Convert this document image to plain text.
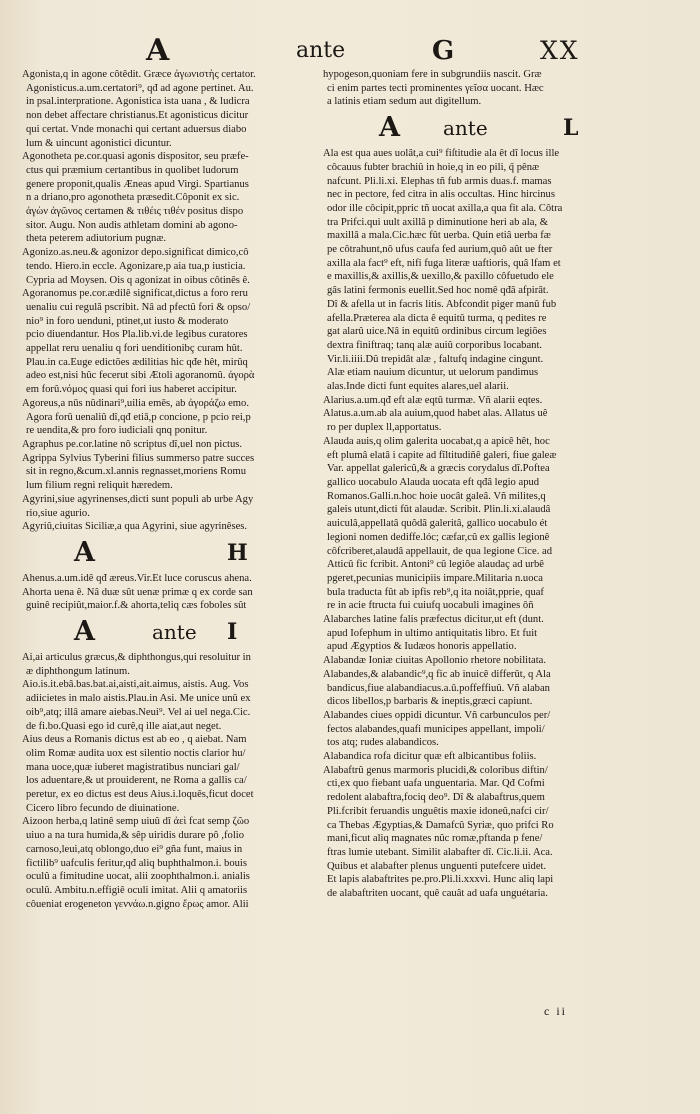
A	ante	G	XX
Agonista,q in agone côtêdit. Græce ἀγωνιστὴς certator.
Agonisticus.a.um.certatori⁹, qđ ad agone pertinet. Au.
in psal.interpratione. Agonistica ista uana , & ludicra
non debet affectare christianus.Et agonisticus dicitur
qui certat. Vnde monachi qui certant aduersus diabo
lum & uincunt agonistici dicuntur.
Agonotheta pe.cor.quasi agonis dispositor, seu præfe-
ctus qui præmium certantibus in quolibet ludorum
genere proponit,qualis Æneas apud Virgi. Spartianus
n a driano,pro agonotheta præsedit.Côponit ex sic.
ἀγὼν ἀγῶνος certamen & τιθέις τιθέν positus dispo
sitor. Augu. Non audis athletam domini ab agono-
theta peterem adiutorium pugnæ.
Agonizo.as.neu.& agonizor depo.significat dimico,cô
tendo. Hiero.in eccle. Agonizare,p aia tua,p iusticia.
Cypria ad Moysen. Ois q agonizat in oibus côtinês ê.
Agoranomus pe.cor.ædilê significat,dictus a foro reru
uenaliu cui regulă pscribit. Nâ ad pfectû fori & opso/
nio⁹ in foro uenduni, ptinet,ut iusto & moderato
pcio diuendantur. Hos Pla.lib.vi.de legibus curatores
appellat reru uenaliu q fori uenditionibç curam hût.
Plau.in ca.Euge edictões ædilitias hic qđe hêt, mirûq
adeo est,nisi hûc fecerut sibi Ætoli agoranomû. ἀγορὰ
em forû.νόμος quasi qui fori ius haberet accipitur.
Agoreus,a nūs nûdinari⁹,uilia emēs, ab ἀγοράζω emo.
Agora forû uenaliû dî,qđ etiā,p concione, p pcio rei,p
re uendita,& pro foro iudiciali qnq ponitur.
Agraphus pe.cor.latine nô scriptus dî,uel non pictus.
Agrippa Sylvius Tyberini filius summerso patre succes
sit in regno,&cum.xl.annis regnasset,moriens Romu
lum filium regni reliquit hæredem.
Agyrini,siue agyrinenses,dicti sunt populi ab urbe Agy
rio,siue agurio.
Agyriû,ciuitas Siciliæ,a qua Agyrini, siue agyrinêses.
A	H
Ahenus.a.um.idê qđ æreus.Vir.Et luce coruscus ahena.
Ahorta uena ê. Nâ duæ sût uenæ primæ q ex corde san
guinê recipiût,maior.f.& ahorta,teliq cæs foboles sût
A	ante I
Ai,ai articulus græcus,& diphthongus,qui resoluitur in
æ diphthongum latinum.
Aio.is.it.ebâ.bas.bat.ai,aisti,ait.aimus, aistis. Aug. Vos
adiicietes in malo aistis.Plau.in Asi. Me unice unû ex
oib⁹,atq; illâ amare aiebas.Neui⁹. Vel ai uel nega.Cic.
de fi.bo.Quasi ego id curê,q ille aiat,aut neget.
Aius deus a Romanis dictus est ab eo , q aiebat. Nam
olim Romæ audita uox est silentio noctis clarior hu/
mana uoce,quæ iuberet magistratibus nunciari gal/
los aduentare,& ut prouiderent, ne Roma a gallis ca/
peretur, ex eo dictus est deus Aius.i.loquês,ficut docet
Cicero libro fecundo de diuinatione.
Aizoon herba,q latinê semp uiuû dî ἀεὶ fcat semp ζῶο
uiuo a na tura humida,& sêp uiridis durare pô ,folio
carnoso,leui,atq oblongo,duo ei⁹ gña funt, maius in
fictilib⁹ uafculis feritur,qđ aliq buphthalmon.i. bouis
oculû a fimitudine uocat, alii zoophthalmon.i. anialis
oculû. Ambitu.n.effigiê oculi imitat. Alii q amatoriis
côueniat erogeneton γεννάω.n.gigno ἔρως amor. Alii
hypogeson,quoniam fere in subgrundiis nascit. Græ
ci enim partes tecti prominentes γεῖσα uocant. Hæc
a latinis etiam sedum aut digitellum.
A ante	L
Ala est qua aues uolât,a cui⁹ fiſtitudie ala êt dî locus ille
côcauus fubter brachiû in hoie,q in eo pili, q̃ pênæ
nafcunt. Pli.li.xi. Elephas tñ fub armis duas.f. mamas
nec in pectore, fed citra in alis occultas. Hinc hircinus
odor ille côcipit,ppric tñ uocat axilla,a qua fit ala. Côtra
tra Prifci.qui uult axillâ p diminutione heri ab ala, &
maxillâ a mala.Cic.hæc fût uerba. Quin etiâ uerba fæ
pe côtrahunt,nô ufus caufa fed aurium,quô aût ue fter
axilla ala fact⁹ eft, nifi fuga literæ uaftioris, quâ lfam et
e maxillis,& axillis,& uexillo,& paxillo côfuetudo ele
gâs latini fermonis euellit.Sed hoc nomê qđâ afpirât.
Dî & afella ut in facris litis. Abfcondit piger manû fub
afella.Præterea ala dicta ê equitû turma, q pedites re
gat alarû uice.Nâ in equitû ordinibus circum legiões
dextra finiftraq; tanq alæ auiû corporibus locabant.
Vir.li.iiii.Dû trepidât alæ , faltufq indagine cingunt.
Alæ etiam nauium dicuntur, ut uelorum pandimus
alas.Inde dicti funt equites alares,uel alarii.
Alarius.a.um.qđ eft alæ eqtû turmæ. Vñ alarii eqtes.
Alatus.a.um.ab ala auium,quod habet alas. Allatus uê
ro per duplex ll,apportatus.
Alauda auis,q olim galerita uocabat,q a apicê hêt, hoc
eft plumâ elatâ i capite ad fîltitudiñê galeri, fiue galeæ
Var. appellat galericû,& a græcis corydalus dî.Poftea
gallico uocabulo Alauda uocata eft qđâ legio apud
Romanos.Galli.n.hoc hoie uocât galeâ. Vñ milites,q
galeis utunt,dicti fût alaudæ. Scribit. Plin.li.xi.alaudâ
auiculâ,appellatâ quôdâ galeritâ, gallico uocabulo ét
legioni nomen dediffe.lóc; cæfar,cû ex gallis legionê
côfcriberet,alaudâ appellauit, de qua legione Cice. ad
Atticû fic fcribit. Antoni⁹ cû legiôe alaudaç ad urbê
pgeret,pecunias municipiis impare.Militaria n.uoca
bula traducta fût ab ipfis reb⁹,q ita noiât,pprie, quaf
re in acie ftructa fui cuiufq uocabuli imagines ôñ
Alabarches latine falis præfectus dicitur,ut eft (dunt.
apud Iofephum in ultimo antiquitatis libro. Et fuit
apud Ægyptios & Iudæos honoris appellatio.
Alabandæ Ioniæ ciuitas Apollonio rhetore nobilitata.
Alabandes,& alabandic⁹,q fic ab inuicê differût, q Ala
bandicus,fiue alabandiacus.a.û.poffeffiuû. Vñ alaban
dicos libellos,p barbaris & ineptis,græci capiunt.
Alabandes ciues oppidi dicuntur. Vñ carbunculos per/
fectos alabandes,quafi municipes appellant, impoli/
tos atq; rudes alabandicos.
Alabandica rofa dicitur quæ eft albicantibus foliis.
Alabaftrû genus marmoris plucidi,& coloribus diftin/
cti,ex quo fiebant uafa unguentaria. Mar. Qđ Cofmi
redolent alabaftra,fociq deo⁹. Dî & alabaftrus,quem
Pli.fcribit feruandis unguêtis maxie idoneû,nafci cir/
ca Thebas Ægyptias,& Damafcû Syriæ, quo prifci Ro
mani,ficut aliq magnates nûc romæ,pftanda p fene/
ftras lumie utebant. Similit alabafter dî. Cic.li.ii. Aca.
Quibus et alabafter plenus unguenti putefcere uidet.
Et lapis alabaftrites pe.pro.Pli.li.xxxvi. Hunc aliq lapi
de alabaftriten uocant, quê cauât ad uafa unguétaria.
c ii
